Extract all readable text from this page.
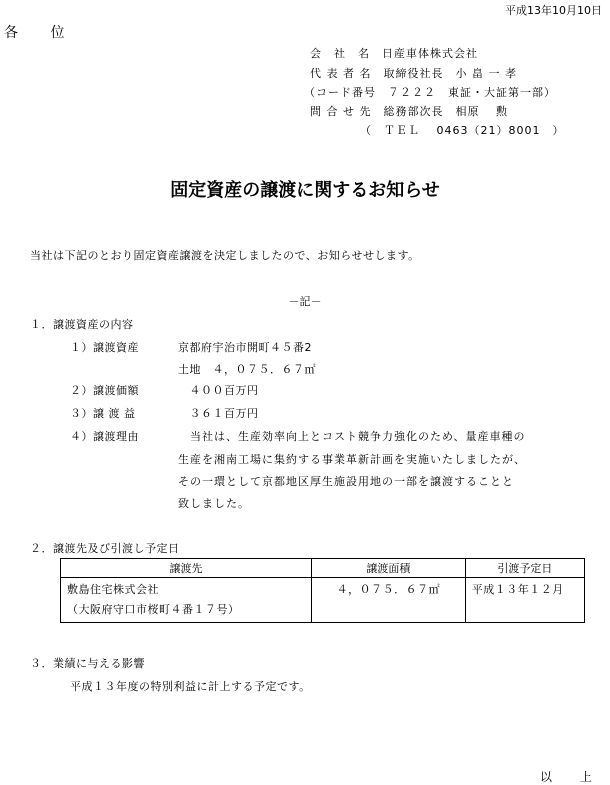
平成13年10月10日
各 位
会　社　名　日産車体株式会社
代 表 者 名　取締役社長　小 畠 一 孝
（コード番号　７２２２　東証・大証第一部）
問 合 せ 先　総務部次長　相原　 勲
（　ＴＥＬ　 0463（21）8001　）
固定資産の譲渡に関するお知らせ
当社は下記のとおり固定資産譲渡を決定しましたので、お知らせせします。
－記－
１．譲渡資産の内容
１）譲渡資産	京都府宇治市開町４５番2
土地　４，０７５．６７㎡
２）譲渡価額	　４００百万円
３）譲 渡 益	　３６１百万円
４）譲渡理由	　当社は、生産効率向上とコスト競争力強化のため、量産車種の
生産を湘南工場に集約する事業革新計画を実施いたしましたが、
その一環として京都地区厚生施設用地の一部を譲渡することと
致しました。
２．譲渡先及び引渡し予定日
譲渡先	譲渡面積	引渡予定日

敷島住宅株式会社
（大阪府守口市桜町４番１７号）	４，０７５．６７㎡	平成１３年１２月
３．業績に与える影響
平成１３年度の特別利益に計上する予定です。
以 上
